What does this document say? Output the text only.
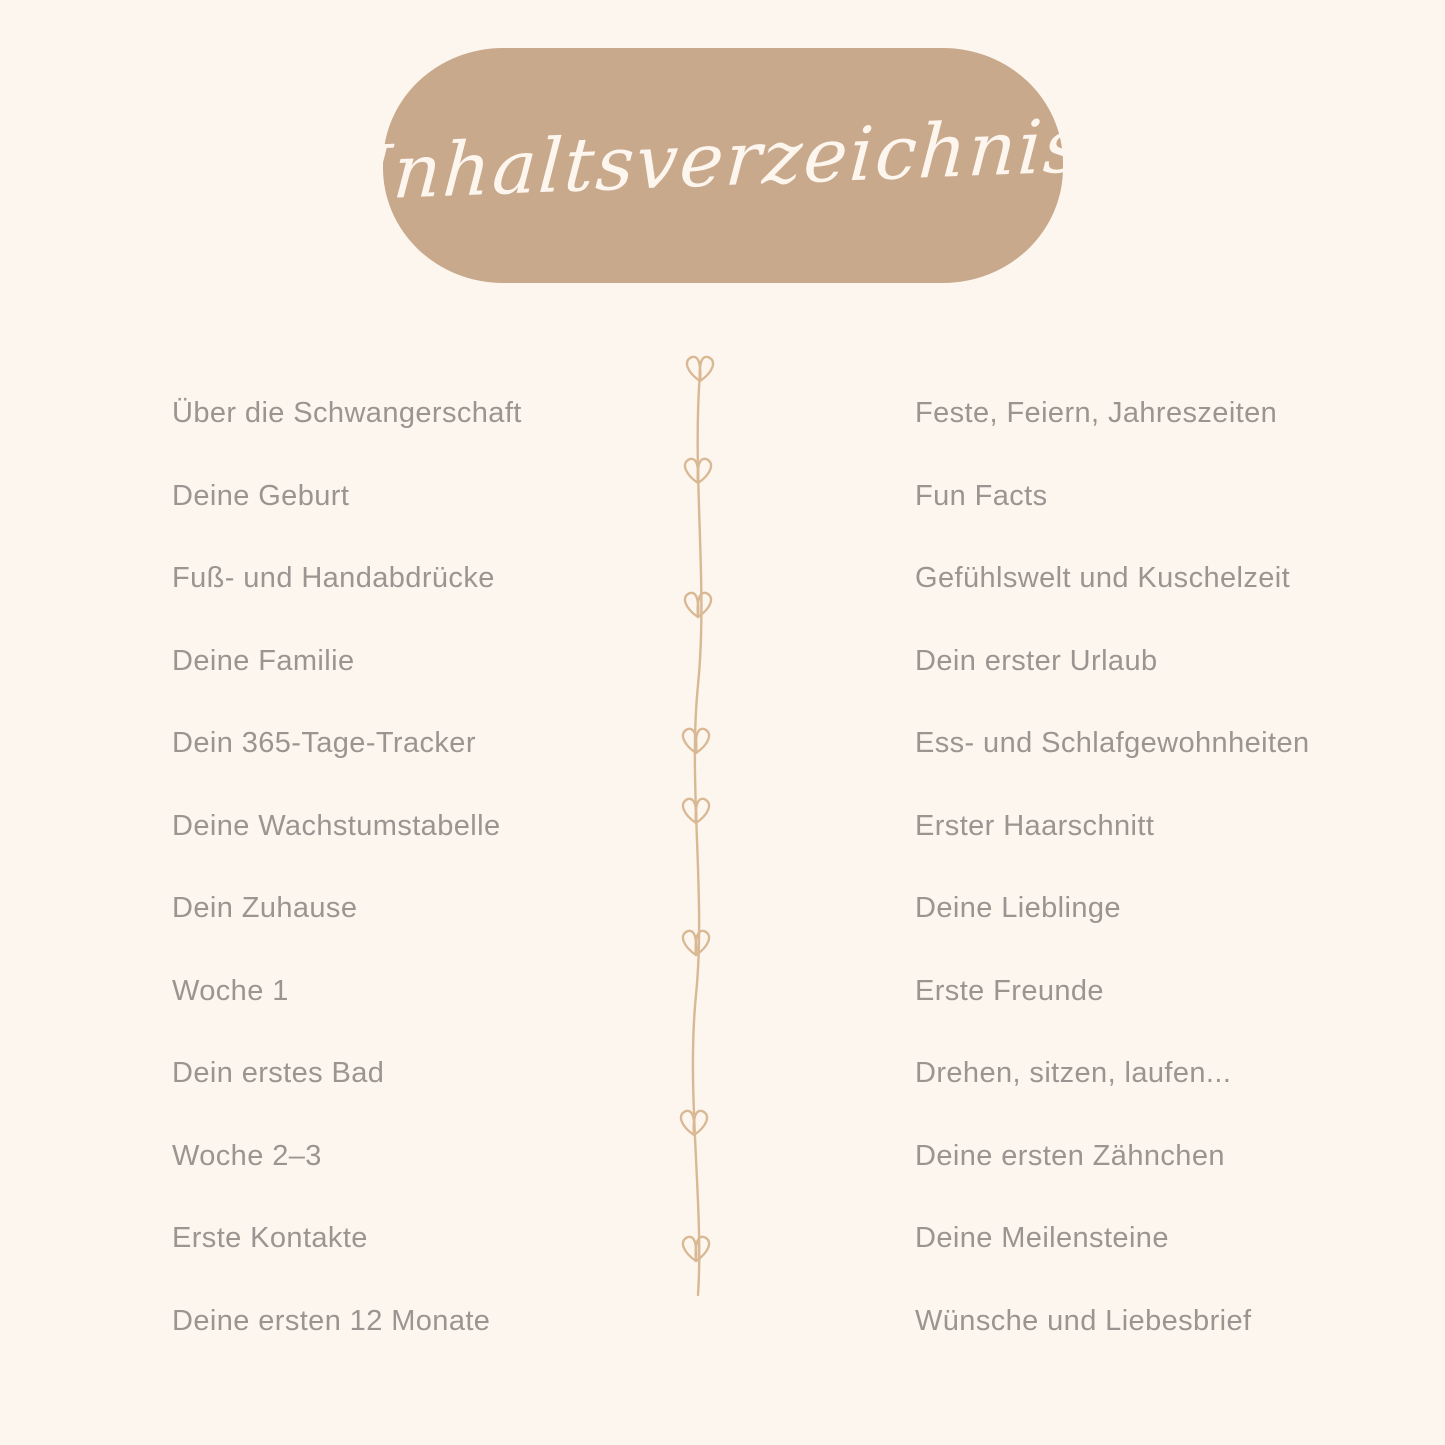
Inhaltsverzeichnis
Über die Schwangerschaft
Deine Geburt
Fuß- und Handabdrücke
Deine Familie
Dein 365-Tage-Tracker
Deine Wachstumstabelle
Dein Zuhause
Woche 1
Dein erstes Bad
Woche 2–3
Erste Kontakte
Deine ersten 12 Monate
Feste, Feiern, Jahreszeiten
Fun Facts
Gefühlswelt und Kuschelzeit
Dein erster Urlaub
Ess- und Schlafgewohnheiten
Erster Haarschnitt
Deine Lieblinge
Erste Freunde
Drehen, sitzen, laufen...
Deine ersten Zähnchen
Deine Meilensteine
Wünsche und Liebesbrief
